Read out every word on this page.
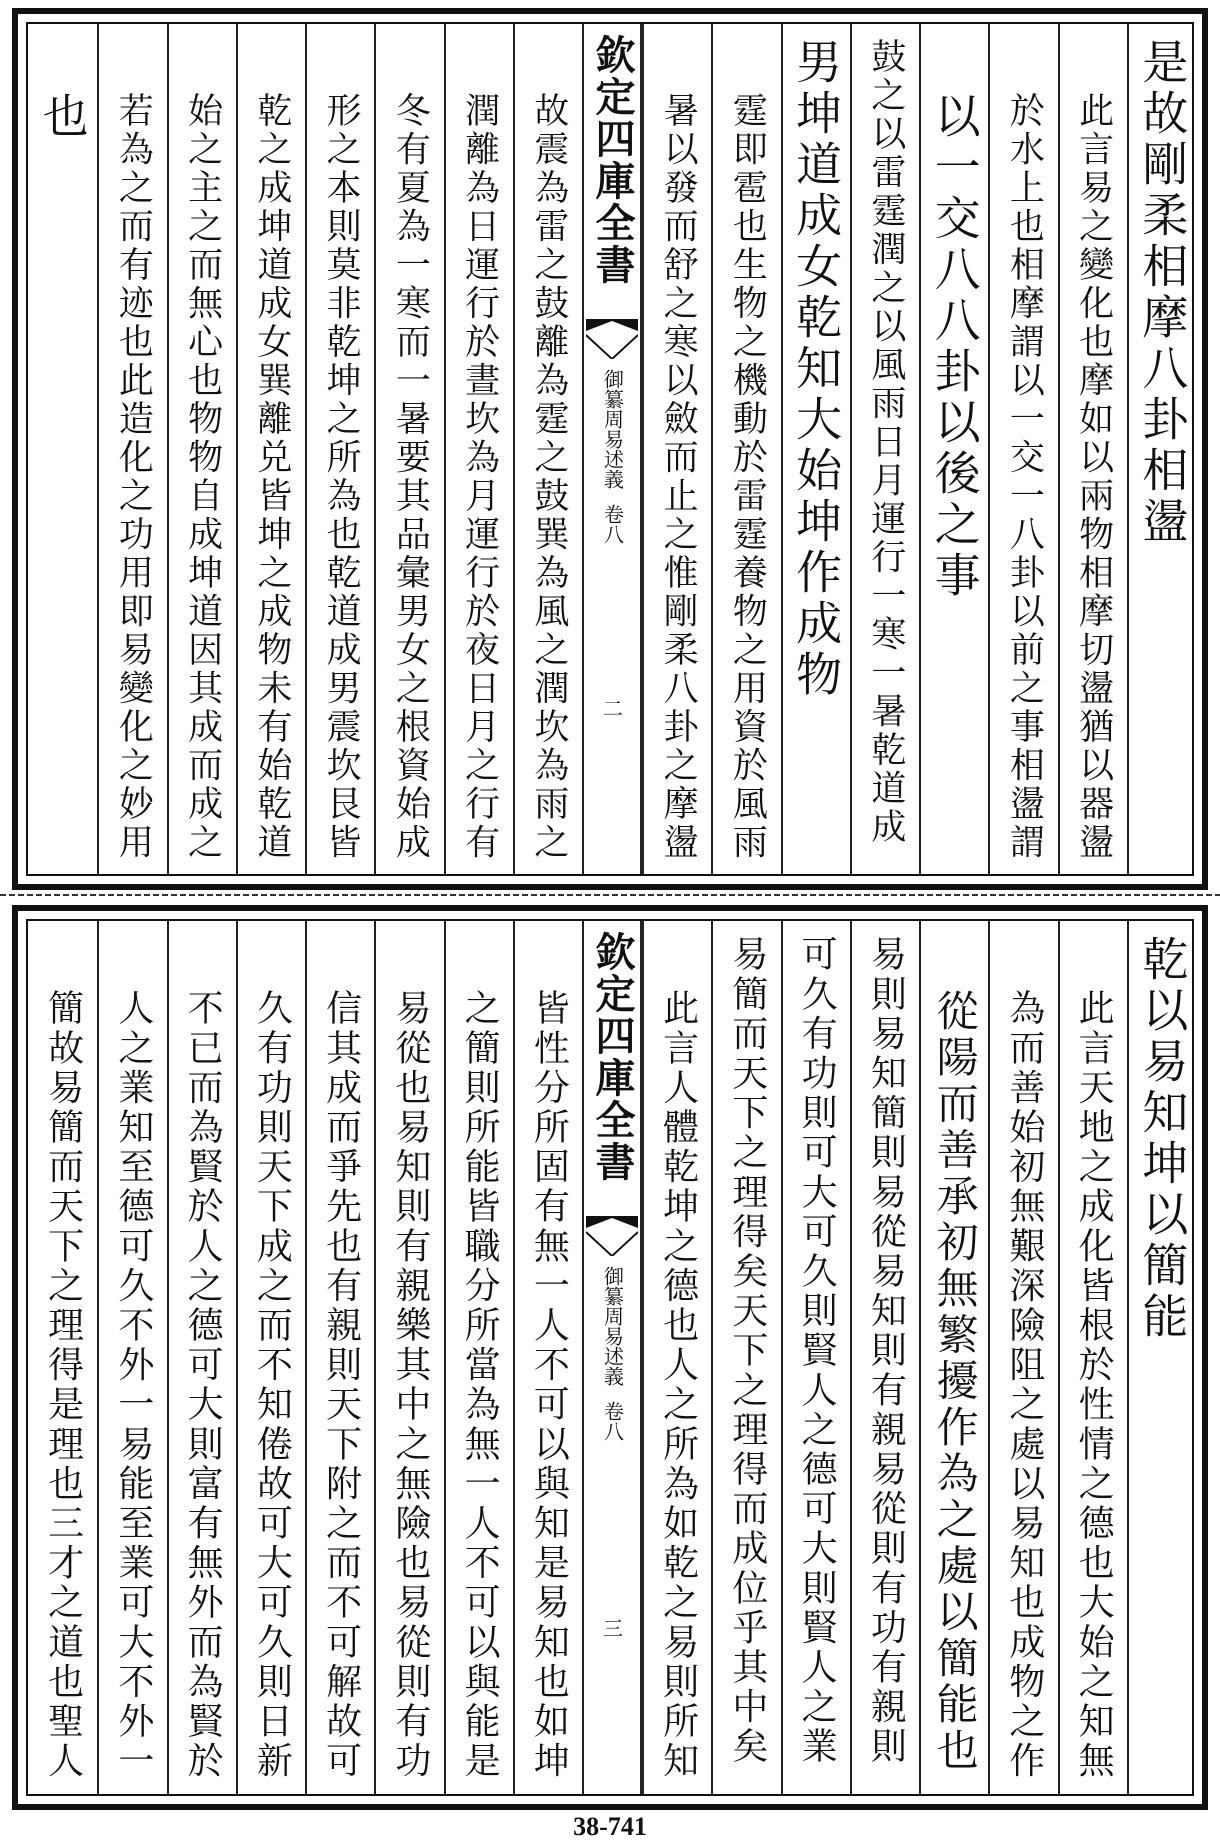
是故剛柔相摩八卦相盪
此言易之變化也摩如以兩物相摩切盪猶以器盪
於水上也相摩謂以一交一八卦以前之事相盪謂
以一交八八卦以後之事
鼓之以雷霆潤之以風雨日月運行一寒一暑乾道成
男坤道成女乾知大始坤作成物
霆即雹也生物之機動於雷霆養物之用資於風雨
暑以發而舒之寒以斂而止之惟剛柔八卦之摩盪
欽定四庫全書
御纂周易述義
卷八
二
故震為雷之鼓離為霆之鼓巽為風之潤坎為雨之
潤離為日運行於晝坎為月運行於夜日月之行有
冬有夏為一寒而一暑要其品彙男女之根資始成
形之本則莫非乾坤之所為也乾道成男震坎艮皆
乾之成坤道成女巽離兑皆坤之成物未有始乾道
始之主之而無心也物物自成坤道因其成而成之
若為之而有迹也此造化之功用即易變化之妙用
也
乾以易知坤以簡能
此言天地之成化皆根於性情之德也大始之知無
為而善始初無艱深險阻之處以易知也成物之作
從陽而善承初無繁擾作為之處以簡能也
易則易知簡則易從易知則有親易從則有功有親則
可久有功則可大可久則賢人之德可大則賢人之業
易簡而天下之理得矣天下之理得而成位乎其中矣
此言人體乾坤之德也人之所為如乾之易則所知
欽定四庫全書
御纂周易述義
卷八
三
皆性分所固有無一人不可以與知是易知也如坤
之簡則所能皆職分所當為無一人不可以與能是
易從也易知則有親樂其中之無險也易從則有功
信其成而爭先也有親則天下附之而不可解故可
久有功則天下成之而不知倦故可大可久則日新
不已而為賢於人之德可大則富有無外而為賢於
人之業知至德可久不外一易能至業可大不外一
簡故易簡而天下之理得是理也三才之道也聖人
38-741
